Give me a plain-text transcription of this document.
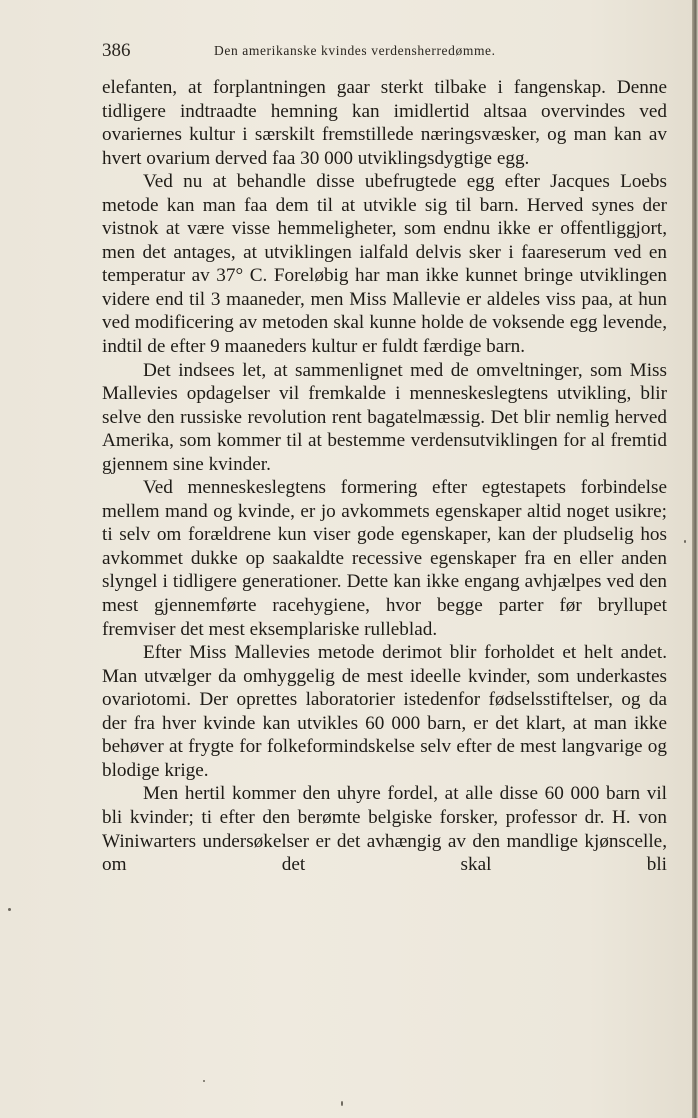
386	Den amerikanske kvindes verdensherredømme.

elefanten, at forplantningen gaar sterkt tilbake i fangenskap. Denne tidligere indtraadte hemning kan imidlertid altsaa overvindes ved ovariernes kultur i særskilt fremstillede næringsvæsker, og man kan av hvert ovarium derved faa 30 000 utviklingsdygtige egg.

Ved nu at behandle disse ubefrugtede egg efter Jacques Loebs metode kan man faa dem til at utvikle sig til barn. Herved synes der vistnok at være visse hemmeligheter, som endnu ikke er offentliggjort, men det antages, at utviklingen ialfald delvis sker i faareserum ved en temperatur av 37° C. Foreløbig har man ikke kunnet bringe utviklingen videre end til 3 maaneder, men Miss Mallevie er aldeles viss paa, at hun ved modificering av metoden skal kunne holde de voksende egg levende, indtil de efter 9 maaneders kultur er fuldt færdige barn.

Det indsees let, at sammenlignet med de omveltninger, som Miss Mallevies opdagelser vil fremkalde i menneskeslegtens utvikling, blir selve den russiske revolution rent bagatelmæssig. Det blir nemlig herved Amerika, som kommer til at bestemme verdensutviklingen for al fremtid gjennem sine kvinder.

Ved menneskeslegtens formering efter egtestapets forbindelse mellem mand og kvinde, er jo avkommets egenskaper altid noget usikre; ti selv om forældrene kun viser gode egenskaper, kan der pludselig hos avkommet dukke op saakaldte recessive egenskaper fra en eller anden slyngel i tidligere generationer. Dette kan ikke engang avhjælpes ved den mest gjennemførte racehygiene, hvor begge parter før bryllupet fremviser det mest eksemplariske rulleblad.

Efter Miss Mallevies metode derimot blir forholdet et helt andet. Man utvælger da omhyggelig de mest ideelle kvinder, som underkastes ovariotomi. Der oprettes laboratorier istedenfor fødselsstiftelser, og da der fra hver kvinde kan utvikles 60 000 barn, er det klart, at man ikke behøver at frygte for folkeformindskelse selv efter de mest langvarige og blodige krige.

Men hertil kommer den uhyre fordel, at alle disse 60 000 barn vil bli kvinder; ti efter den berømte belgiske forsker, professor dr. H. von Winiwarters undersøkelser er det avhængig av den mandlige kjønscelle, om det skal bli
